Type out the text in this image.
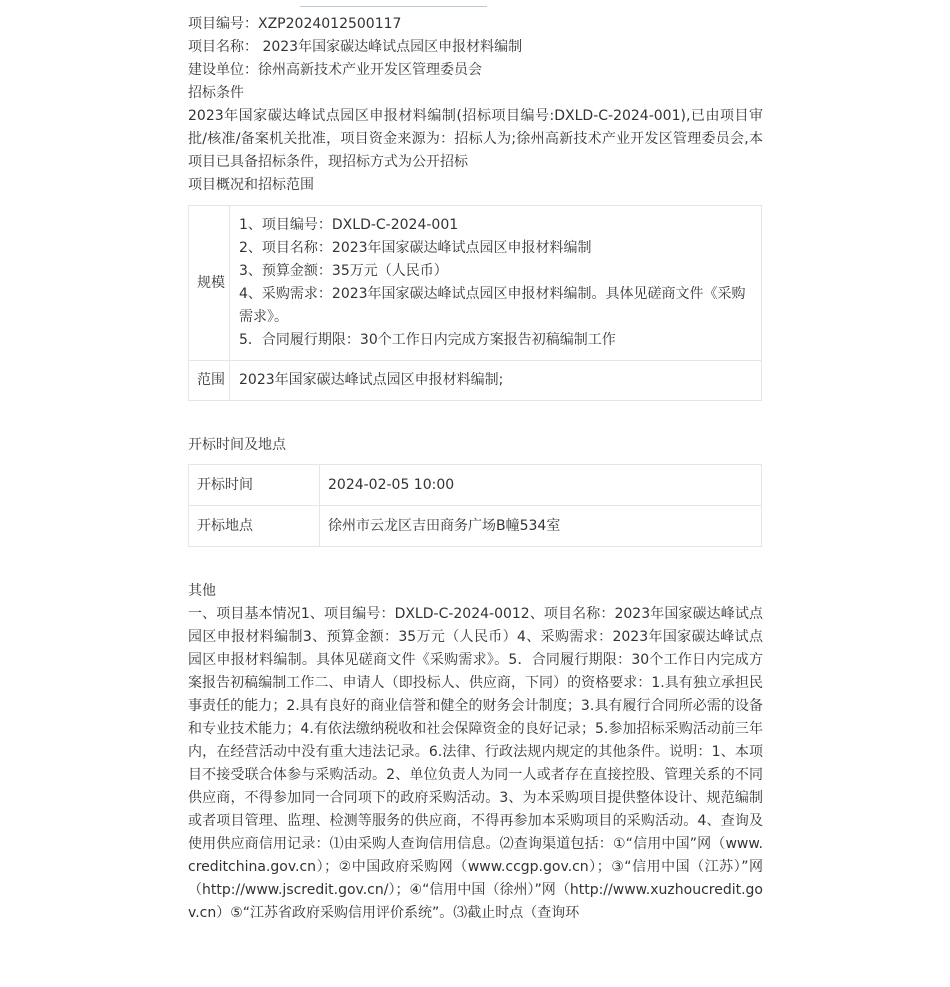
项目编号：XZP2024012500117

项目名称： 2023年国家碳达峰试点园区申报材料编制

建设单位：徐州高新技术产业开发区管理委员会

招标条件

2023年国家碳达峰试点园区申报材料编制(招标项目编号:DXLD-C-2024-001),已由项目审批/核准/备案机关批准，项目资金来源为：招标人为;徐州高新技术产业开发区管理委员会,本项目已具备招标条件，现招标方式为公开招标

项目概况和招标范围

规模	1、项目编号：DXLD-C-2024-001
2、项目名称：2023年国家碳达峰试点园区申报材料编制
3、预算金额：35万元（人民币）
4、采购需求：2023年国家碳达峰试点园区申报材料编制。具体见磋商文件《采购需求》。
5．合同履行期限：30个工作日内完成方案报告初稿编制工作

范围	2023年国家碳达峰试点园区申报材料编制;

开标时间及地点

开标时间	2024-02-05 10:00
开标地点	徐州市云龙区吉田商务广场B幢534室

其他

一、项目基本情况1、项目编号：DXLD-C-2024-0012、项目名称：2023年国家碳达峰试点园区申报材料编制3、预算金额：35万元（人民币）4、采购需求：2023年国家碳达峰试点园区申报材料编制。具体见磋商文件《采购需求》。5．合同履行期限：30个工作日内完成方案报告初稿编制工作二、申请人（即投标人、供应商，下同）的资格要求：1.具有独立承担民事责任的能力；2.具有良好的商业信誉和健全的财务会计制度；3.具有履行合同所必需的设备和专业技术能力；4.有依法缴纳税收和社会保障资金的良好记录；5.参加招标采购活动前三年内，在经营活动中没有重大违法记录。6.法律、行政法规内规定的其他条件。说明：1、本项目不接受联合体参与采购活动。2、单位负责人为同一人或者存在直接控股、管理关系的不同供应商，不得参加同一合同项下的政府采购活动。3、为本采购项目提供整体设计、规范编制或者项目管理、监理、检测等服务的供应商，不得再参加本采购项目的采购活动。4、查询及使用供应商信用记录：⑴由采购人查询信用信息。⑵查询渠道包括：①“信用中国”网（www.creditchina.gov.cn）；②中国政府采购网（www.ccgp.gov.cn）；③“信用中国（江苏）”网（http://www.jscredit.gov.cn/）；④“信用中国（徐州）”网（http://www.xuzhoucredit.gov.cn）⑤“江苏省政府采购信用评价系统”。⑶截止时点（查询环
